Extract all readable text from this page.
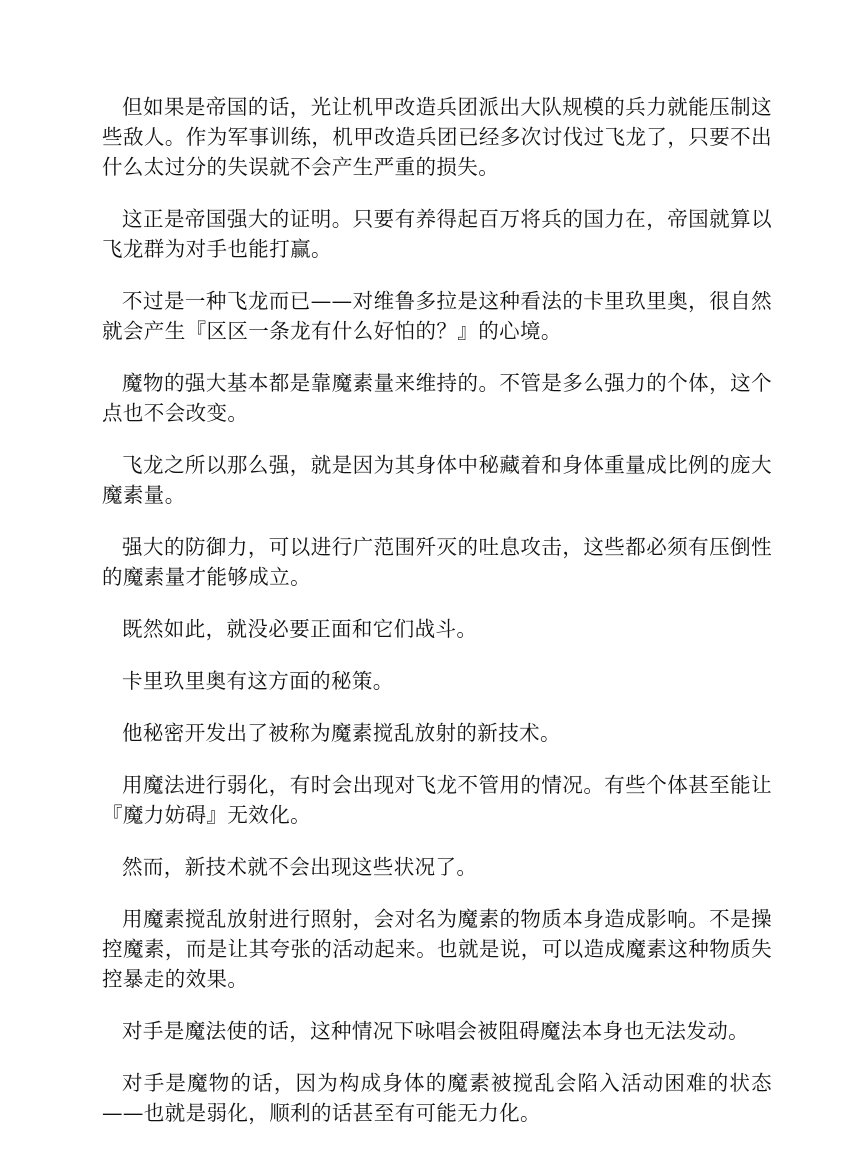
但如果是帝国的话，光让机甲改造兵团派出大队规模的兵力就能压制这些敌人。作为军事训练，机甲改造兵团已经多次讨伐过飞龙了，只要不出什么太过分的失误就不会产生严重的损失。

这正是帝国强大的证明。只要有养得起百万将兵的国力在，帝国就算以飞龙群为对手也能打赢。

不过是一种飞龙而已——对维鲁多拉是这种看法的卡里玖里奥，很自然就会产生『区区一条龙有什么好怕的？』的心境。

魔物的强大基本都是靠魔素量来维持的。不管是多么强力的个体，这个点也不会改变。

飞龙之所以那么强，就是因为其身体中秘藏着和身体重量成比例的庞大魔素量。

强大的防御力，可以进行广范围歼灭的吐息攻击，这些都必须有压倒性的魔素量才能够成立。

既然如此，就没必要正面和它们战斗。

卡里玖里奥有这方面的秘策。

他秘密开发出了被称为魔素搅乱放射的新技术。

用魔法进行弱化，有时会出现对飞龙不管用的情况。有些个体甚至能让『魔力妨碍』无效化。

然而，新技术就不会出现这些状况了。

用魔素搅乱放射进行照射，会对名为魔素的物质本身造成影响。不是操控魔素，而是让其夸张的活动起来。也就是说，可以造成魔素这种物质失控暴走的效果。

对手是魔法使的话，这种情况下咏唱会被阻碍魔法本身也无法发动。

对手是魔物的话，因为构成身体的魔素被搅乱会陷入活动困难的状态——也就是弱化，顺利的话甚至有可能无力化。
